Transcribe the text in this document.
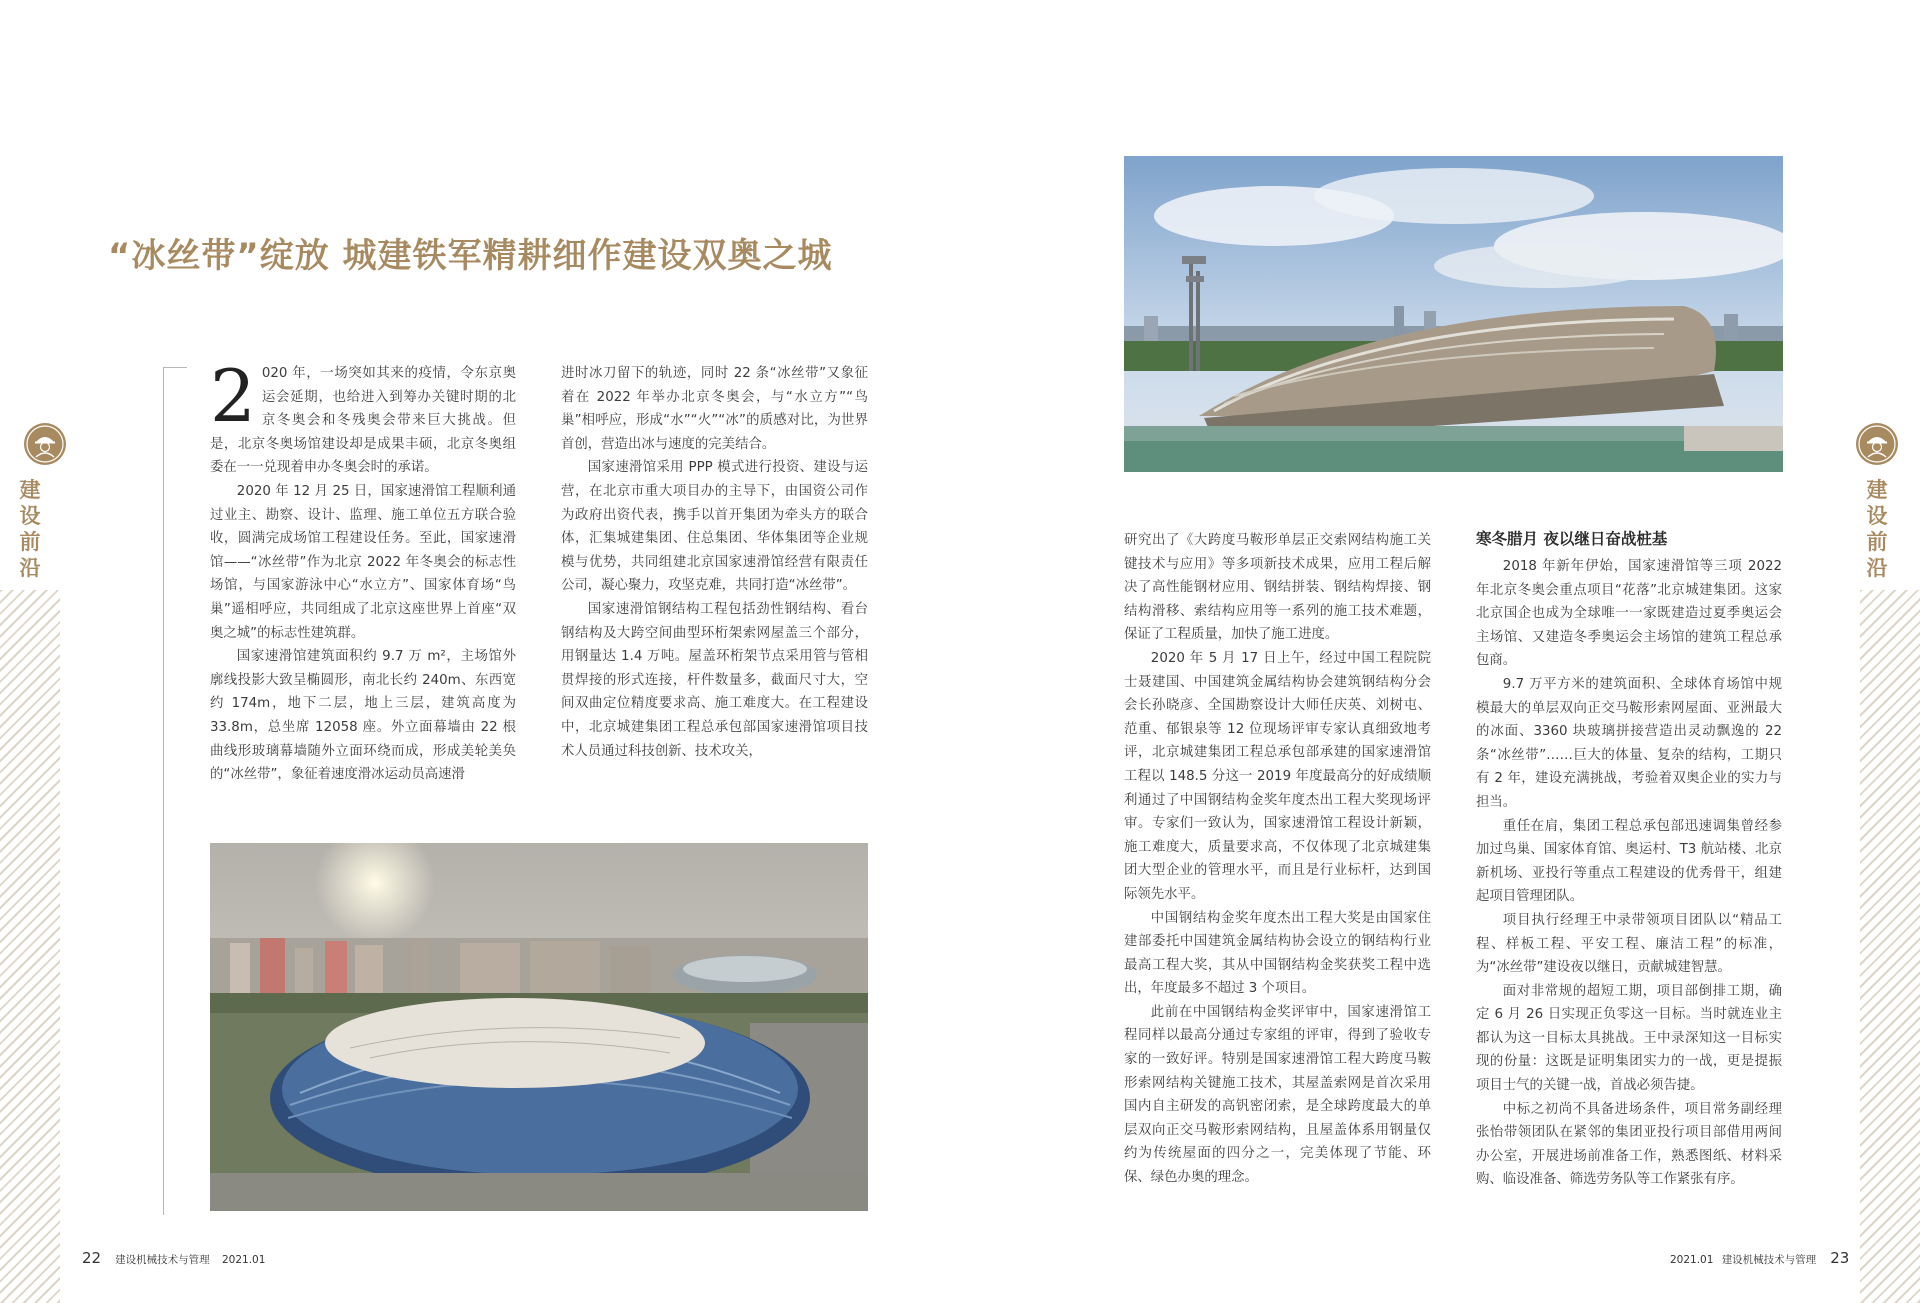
建
设
前
沿
建
设
前
沿
“冰丝带”绽放 城建铁军精耕细作建设双奥之城

2 020 年，一场突如其来的疫情，令东京奥运会延期，也给进入到筹办关键时期的北京冬奥会和冬残奥会带来巨大挑战。但是，北京冬奥场馆建设却是成果丰硕，北京冬奥组委在一一兑现着申办冬奥会时的承诺。

2020 年 12 月 25 日，国家速滑馆工程顺利通过业主、勘察、设计、监理、施工单位五方联合验收，圆满完成场馆工程建设任务。至此，国家速滑馆——“冰丝带”作为北京 2022 年冬奥会的标志性场馆，与国家游泳中心“水立方”、国家体育场“鸟巢”遥相呼应，共同组成了北京这座世界上首座“双奥之城”的标志性建筑群。

国家速滑馆建筑面积约 9.7 万 m²，主场馆外廓线投影大致呈椭圆形，南北长约 240m、东西宽约 174m，地下二层，地上三层，建筑高度为 33.8m，总坐席 12058 座。外立面幕墙由 22 根曲线形玻璃幕墙随外立面环绕而成，形成美轮美奂的“冰丝带”，象征着速度滑冰运动员高速滑

进时冰刀留下的轨迹，同时 22 条“冰丝带”又象征着在 2022 年举办北京冬奥会，与“水立方”“鸟巢”相呼应，形成“水”“火”“冰”的质感对比，为世界首创，营造出冰与速度的完美结合。

国家速滑馆采用 PPP 模式进行投资、建设与运营，在北京市重大项目办的主导下，由国资公司作为政府出资代表，携手以首开集团为牵头方的联合体，汇集城建集团、住总集团、华体集团等企业规模与优势，共同组建北京国家速滑馆经营有限责任公司，凝心聚力，攻坚克难，共同打造“冰丝带”。

国家速滑馆钢结构工程包括劲性钢结构、看台钢结构及大跨空间曲型环桁架索网屋盖三个部分，用钢量达 1.4 万吨。屋盖环桁架节点采用管与管相贯焊接的形式连接，杆件数量多，截面尺寸大，空间双曲定位精度要求高、施工难度大。在工程建设中，北京城建集团工程总承包部国家速滑馆项目技术人员通过科技创新、技术攻关，

研究出了《大跨度马鞍形单层正交索网结构施工关键技术与应用》等多项新技术成果，应用工程后解决了高性能钢材应用、钢结拼装、钢结构焊接、钢结构滑移、索结构应用等一系列的施工技术难题，保证了工程质量，加快了施工进度。

2020 年 5 月 17 日上午，经过中国工程院院士聂建国、中国建筑金属结构协会建筑钢结构分会会长孙晓彦、全国勘察设计大师任庆英、刘树屯、范重、郁银泉等 12 位现场评审专家认真细致地考评，北京城建集团工程总承包部承建的国家速滑馆工程以 148.5 分这一 2019 年度最高分的好成绩顺利通过了中国钢结构金奖年度杰出工程大奖现场评审。专家们一致认为，国家速滑馆工程设计新颖，施工难度大，质量要求高，不仅体现了北京城建集团大型企业的管理水平，而且是行业标杆，达到国际领先水平。

中国钢结构金奖年度杰出工程大奖是由国家住建部委托中国建筑金属结构协会设立的钢结构行业最高工程大奖，其从中国钢结构金奖获奖工程中选出，年度最多不超过 3 个项目。

此前在中国钢结构金奖评审中，国家速滑馆工程同样以最高分通过专家组的评审，得到了验收专家的一致好评。特别是国家速滑馆工程大跨度马鞍形索网结构关键施工技术，其屋盖索网是首次采用国内自主研发的高钒密闭索，是全球跨度最大的单层双向正交马鞍形索网结构，且屋盖体系用钢量仅约为传统屋面的四分之一，完美体现了节能、环保、绿色办奥的理念。

寒冬腊月 夜以继日奋战桩基

2018 年新年伊始，国家速滑馆等三项 2022 年北京冬奥会重点项目“花落”北京城建集团。这家北京国企也成为全球唯一一家既建造过夏季奥运会主场馆、又建造冬季奥运会主场馆的建筑工程总承包商。

9.7 万平方米的建筑面积、全球体育场馆中规模最大的单层双向正交马鞍形索网屋面、亚洲最大的冰面、3360 块玻璃拼接营造出灵动飘逸的 22 条“冰丝带”……巨大的体量、复杂的结构，工期只有 2 年，建设充满挑战，考验着双奥企业的实力与担当。

重任在肩，集团工程总承包部迅速调集曾经参加过鸟巢、国家体育馆、奥运村、T3 航站楼、北京新机场、亚投行等重点工程建设的优秀骨干，组建起项目管理团队。

项目执行经理王中录带领项目团队以“精品工程、样板工程、平安工程、廉洁工程”的标准，为“冰丝带”建设夜以继日，贡献城建智慧。

面对非常规的超短工期，项目部倒排工期，确定 6 月 26 日实现正负零这一目标。当时就连业主都认为这一目标太具挑战。王中录深知这一目标实现的份量：这既是证明集团实力的一战，更是提振项目士气的关键一战，首战必须告捷。

中标之初尚不具备进场条件，项目常务副经理张怡带领团队在紧邻的集团亚投行项目部借用两间办公室，开展进场前准备工作，熟悉图纸、材料采购、临设准备、筛选劳务队等工作紧张有序。

22 建设机械技术与管理 2021.01	2021.01 建设机械技术与管理 23
